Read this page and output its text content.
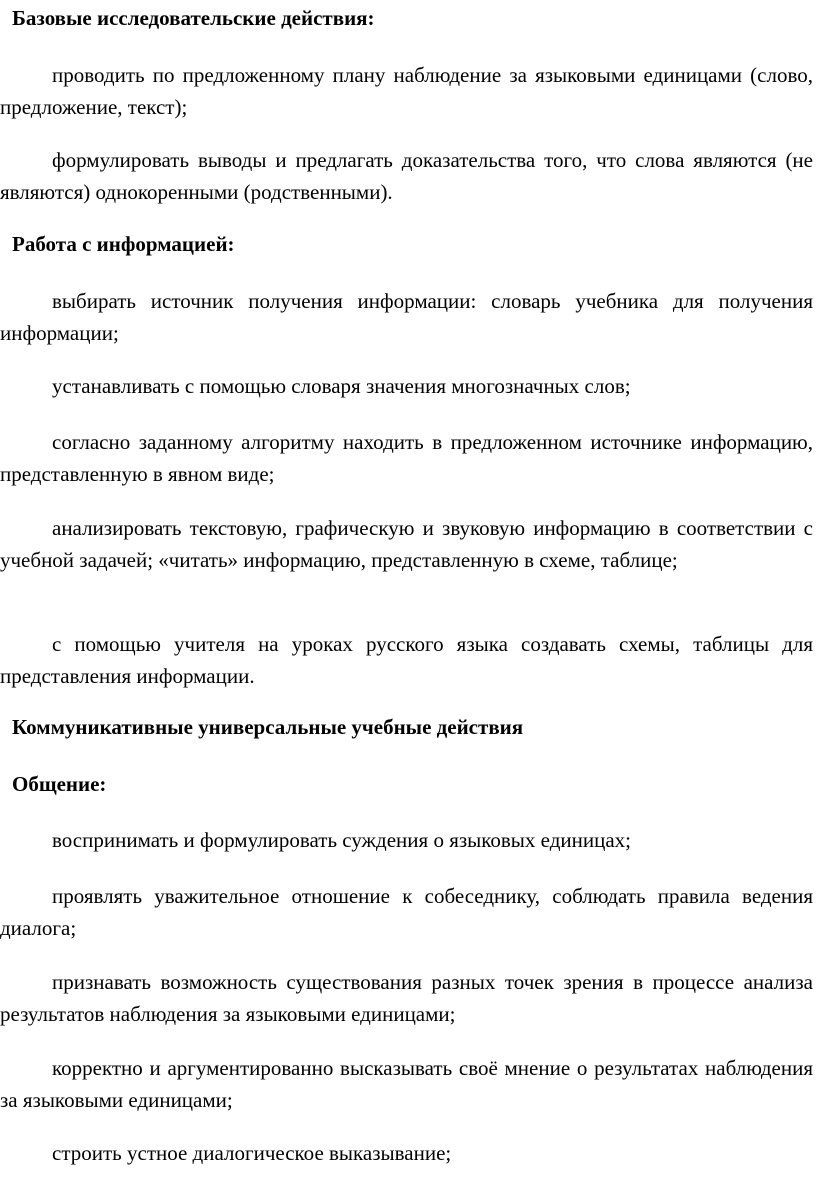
Базовые исследовательские действия:

проводить по предложенному плану наблюдение за языковыми единицами (слово, предложение, текст);

формулировать выводы и предлагать доказательства того, что слова являются (не являются) однокоренными (родственными).

Работа с информацией:

выбирать источник получения информации: словарь учебника для получения информации;

устанавливать с помощью словаря значения многозначных слов;

согласно заданному алгоритму находить в предложенном источнике информацию, представленную в явном виде;

анализировать текстовую, графическую и звуковую информацию в соответствии с учебной задачей; «читать» информацию, представленную в схеме, таблице;

с помощью учителя на уроках русского языка создавать схемы, таблицы для представления информации.

Коммуникативные универсальные учебные действия
Общение:

воспринимать и формулировать суждения о языковых единицах;

проявлять уважительное отношение к собеседнику, соблюдать правила ведения диалога;

признавать возможность существования разных точек зрения в процессе анализа результатов наблюдения за языковыми единицами;

корректно и аргументированно высказывать своё мнение о результатах наблюдения за языковыми единицами;

строить устное диалогическое выказывание;
